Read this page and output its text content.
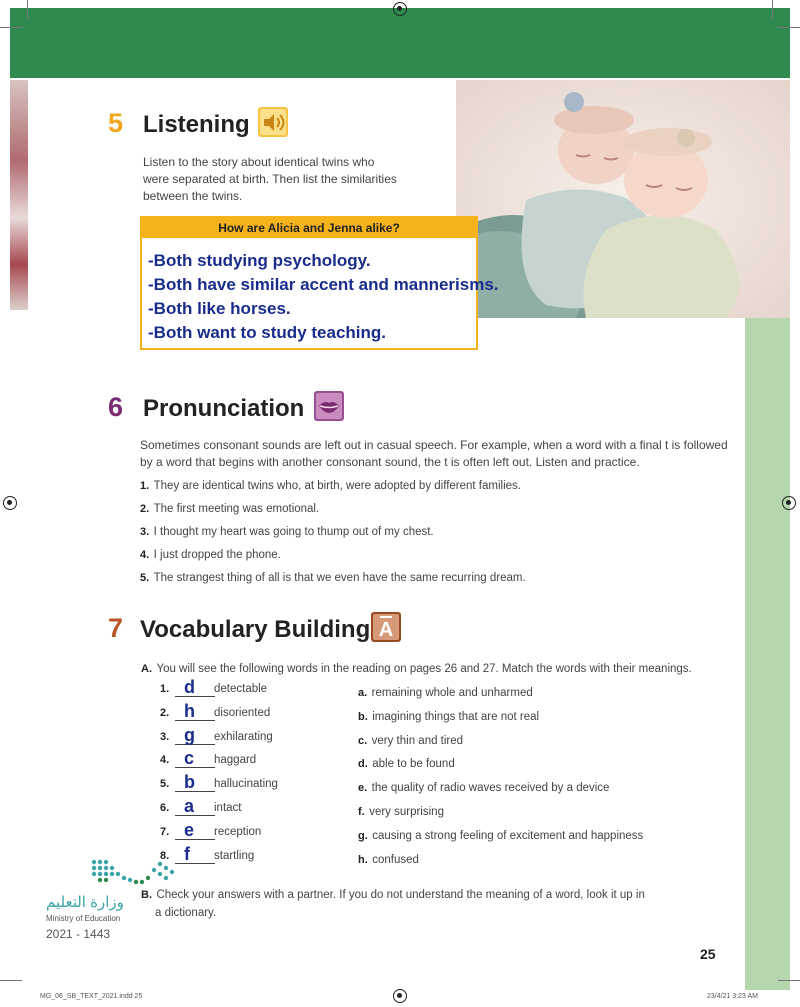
5 Listening
Listen to the story about identical twins who
were separated at birth. Then list the similarities
between the twins.
How are Alicia and Jenna alike?
-Both studying psychology.
-Both have similar accent and mannerisms.
-Both like horses.
-Both want to study teaching.
6 Pronunciation
Sometimes consonant sounds are left out in casual speech. For example, when a word with a final t is followed
by a word that begins with another consonant sound, the t is often left out. Listen and practice.
1. They are identical twins who, at birth, were adopted by different families.
2. The first meeting was emotional.
3. I thought my heart was going to thump out of my chest.
4. I just dropped the phone.
5. The strangest thing of all is that we even have the same recurring dream.
7 Vocabulary Building A
A. You will see the following words in the reading on pages 26 and 27. Match the words with their meanings.
1. d detectable	a. remaining whole and unharmed
2. h disoriented	b. imagining things that are not real
3. g exhilarating	c. very thin and tired
4. c haggard	d. able to be found
5. b hallucinating	e. the quality of radio waves received by a device
6. a intact	f. very surprising
7. e reception	g. causing a strong feeling of excitement and happiness
8. f startling	h. confused
B. Check your answers with a partner. If you do not understand the meaning of a word, look it up in
a dictionary.
وزارة التعليم
Ministry of Education
2021 - 1443
25
MG_06_SB_TEXT_2021.indd 25	23/4/21 3:23 AM
